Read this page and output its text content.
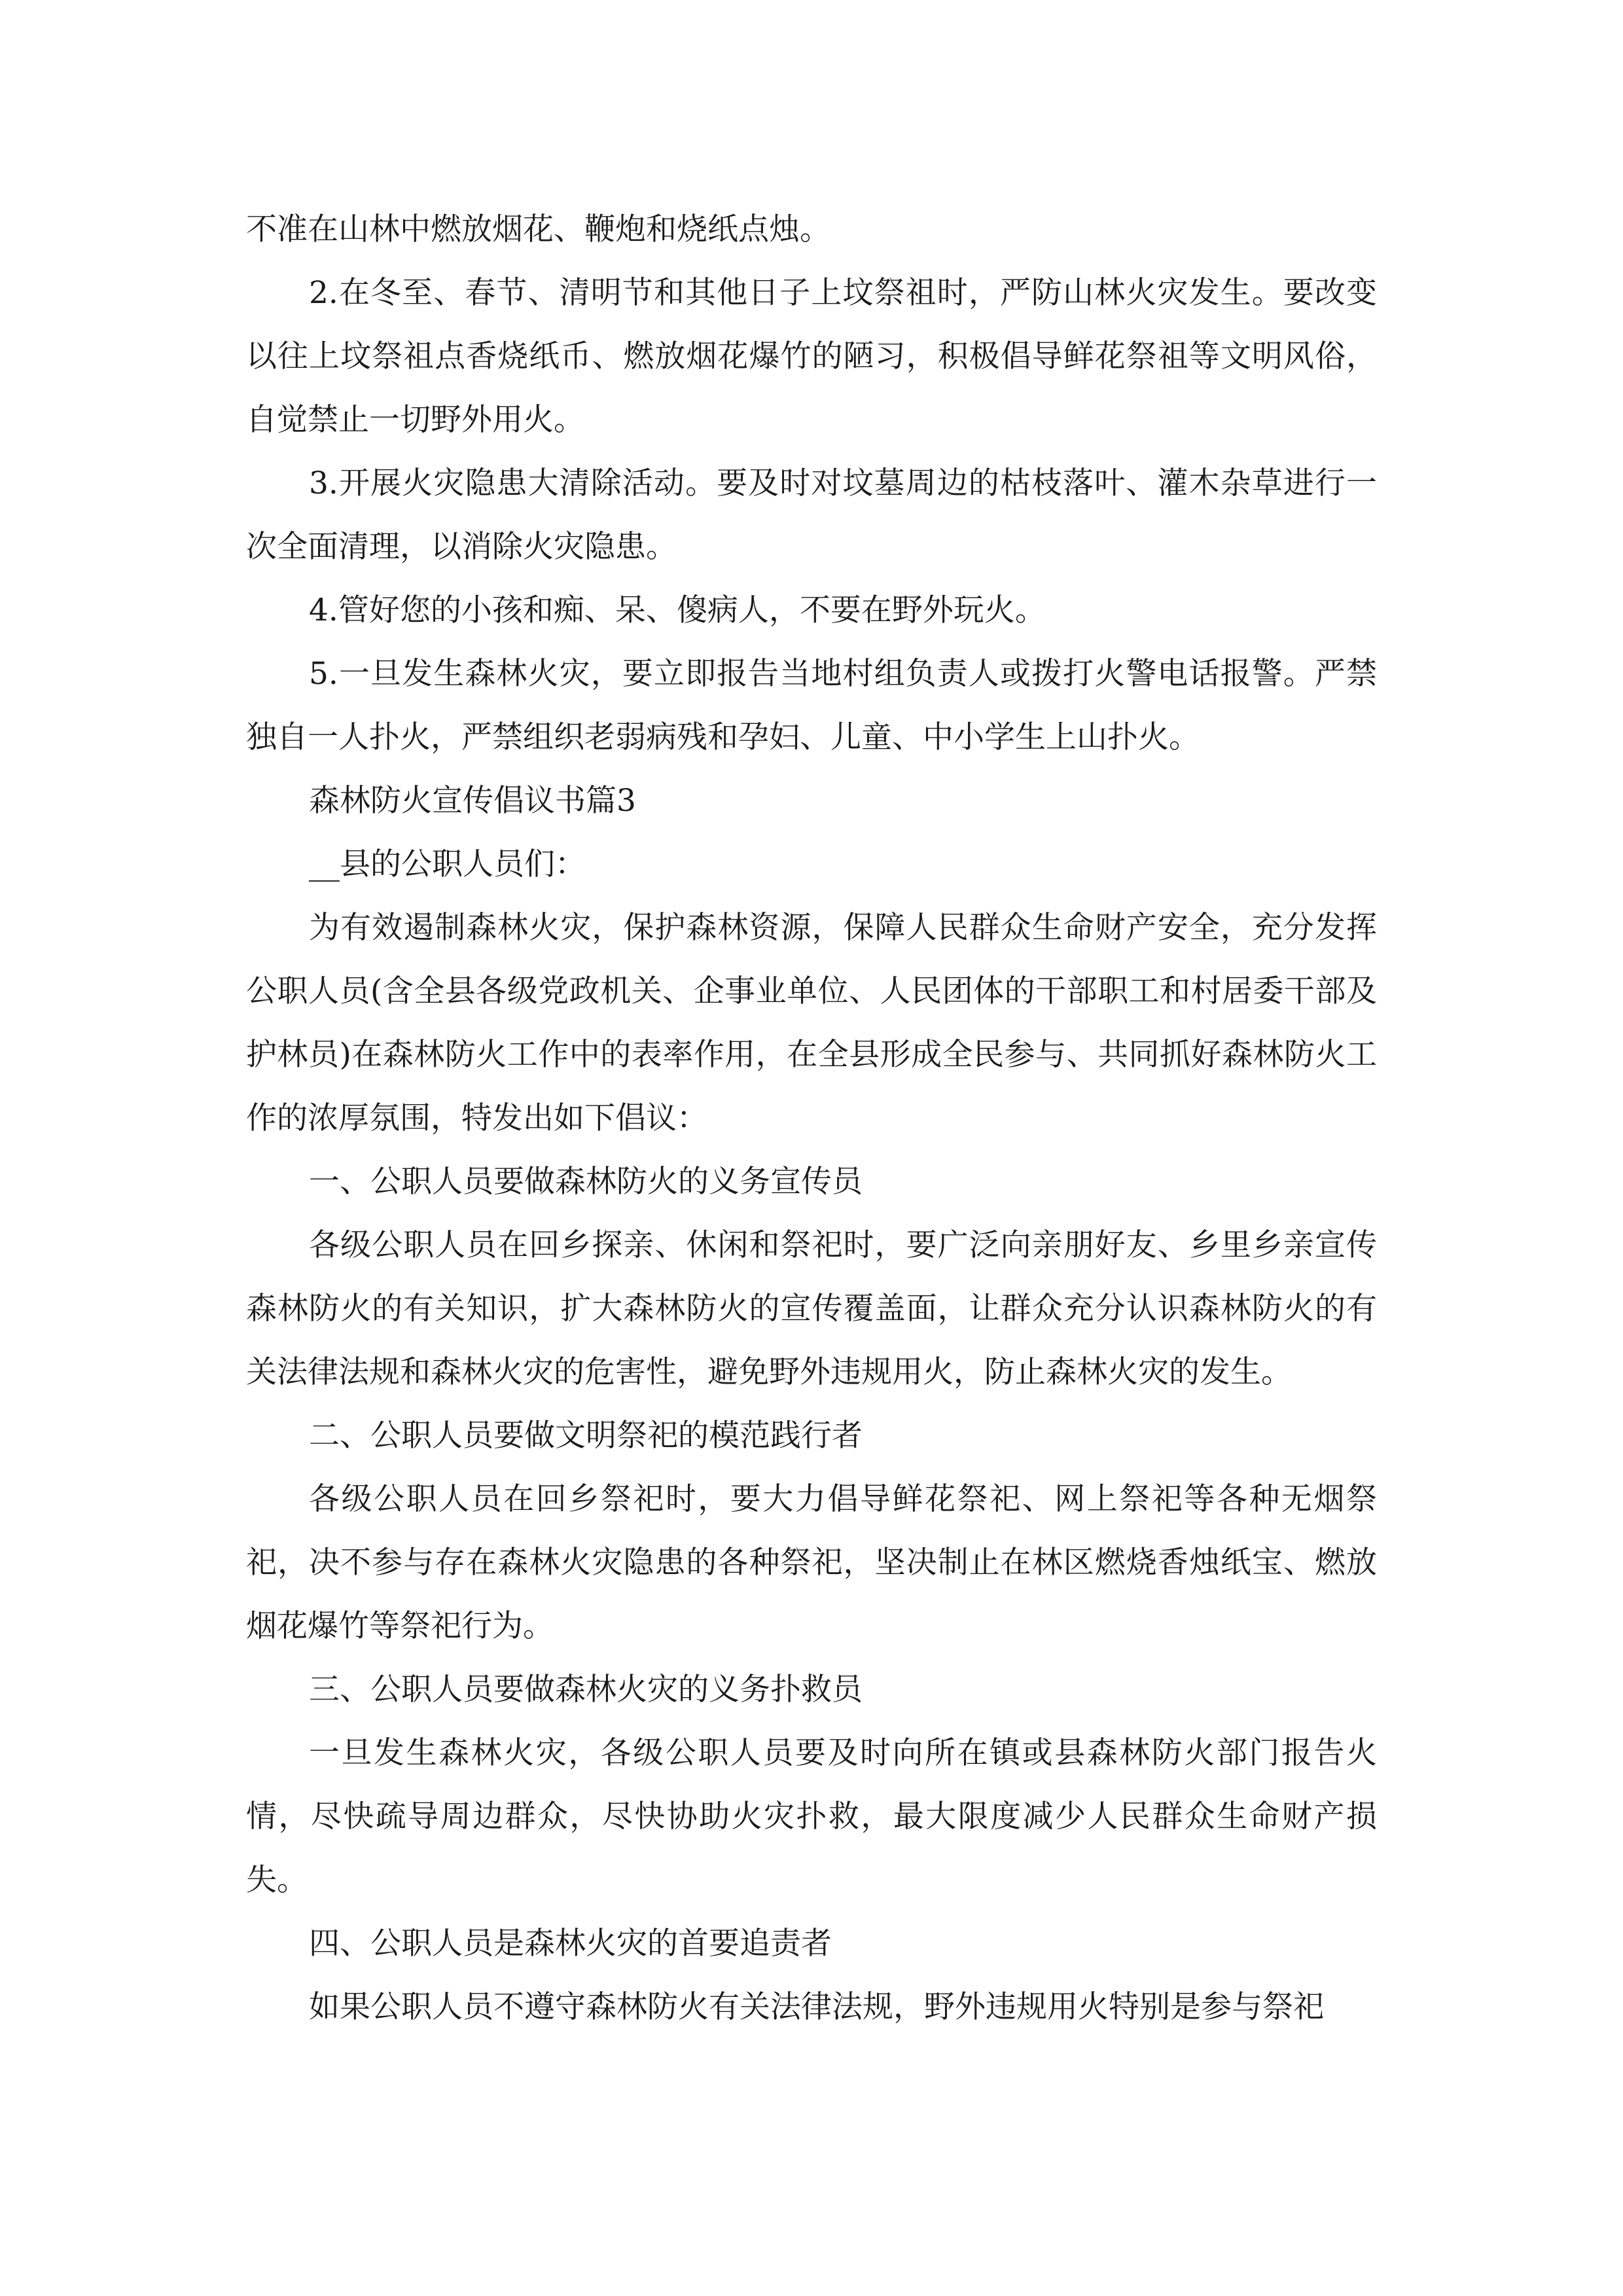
不准在山林中燃放烟花、鞭炮和烧纸点烛。

2.在冬至、春节、清明节和其他日子上坟祭祖时，严防山林火灾发生。要改变以往上坟祭祖点香烧纸币、燃放烟花爆竹的陋习，积极倡导鲜花祭祖等文明风俗，自觉禁止一切野外用火。

3.开展火灾隐患大清除活动。要及时对坟墓周边的枯枝落叶、灌木杂草进行一次全面清理，以消除火灾隐患。

4.管好您的小孩和痴、呆、傻病人，不要在野外玩火。

5.一旦发生森林火灾，要立即报告当地村组负责人或拨打火警电话报警。严禁独自一人扑火，严禁组织老弱病残和孕妇、儿童、中小学生上山扑火。

森林防火宣传倡议书篇3

__县的公职人员们：

为有效遏制森林火灾，保护森林资源，保障人民群众生命财产安全，充分发挥公职人员(含全县各级党政机关、企事业单位、人民团体的干部职工和村居委干部及护林员)在森林防火工作中的表率作用，在全县形成全民参与、共同抓好森林防火工作的浓厚氛围，特发出如下倡议：

一、公职人员要做森林防火的义务宣传员

各级公职人员在回乡探亲、休闲和祭祀时，要广泛向亲朋好友、乡里乡亲宣传森林防火的有关知识，扩大森林防火的宣传覆盖面，让群众充分认识森林防火的有关法律法规和森林火灾的危害性，避免野外违规用火，防止森林火灾的发生。

二、公职人员要做文明祭祀的模范践行者

各级公职人员在回乡祭祀时，要大力倡导鲜花祭祀、网上祭祀等各种无烟祭祀，决不参与存在森林火灾隐患的各种祭祀，坚决制止在林区燃烧香烛纸宝、燃放烟花爆竹等祭祀行为。

三、公职人员要做森林火灾的义务扑救员

一旦发生森林火灾，各级公职人员要及时向所在镇或县森林防火部门报告火情，尽快疏导周边群众，尽快协助火灾扑救，最大限度减少人民群众生命财产损失。

四、公职人员是森林火灾的首要追责者

如果公职人员不遵守森林防火有关法律法规，野外违规用火特别是参与祭祀
